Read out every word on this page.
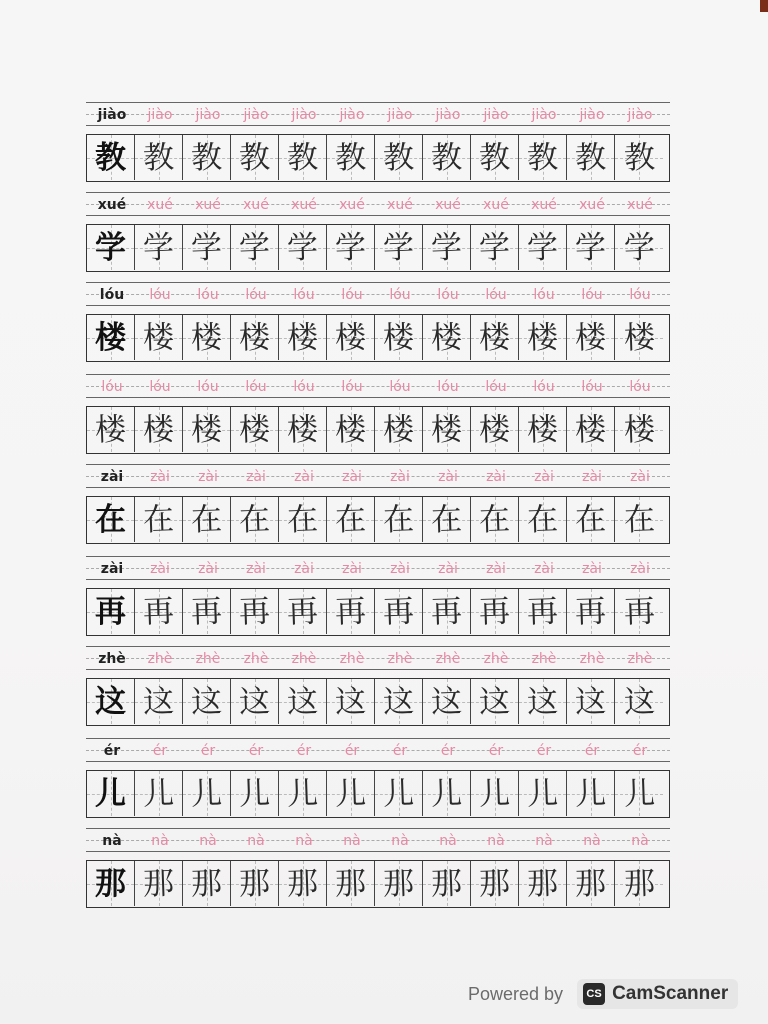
jiào	jiào	jiào	jiào	jiào	jiào	jiào	jiào	jiào	jiào	jiào	jiào
教 教 教 教 教 教 教 教 教 教 教 教
xué	xué	xué	xué	xué	xué	xué	xué	xué	xué	xué	xué
学 学 学 学 学 学 学 学 学 学 学 学
lóu	lóu	lóu	lóu	lóu	lóu	lóu	lóu	lóu	lóu	lóu	lóu
楼 楼 楼 楼 楼 楼 楼 楼 楼 楼 楼 楼
lóu	lóu	lóu	lóu	lóu	lóu	lóu	lóu	lóu	lóu	lóu	lóu
楼 楼 楼 楼 楼 楼 楼 楼 楼 楼 楼 楼
zài	zài	zài	zài	zài	zài	zài	zài	zài	zài	zài	zài
在 在 在 在 在 在 在 在 在 在 在 在
zài	zài	zài	zài	zài	zài	zài	zài	zài	zài	zài	zài
再 再 再 再 再 再 再 再 再 再 再 再
zhè	zhè	zhè	zhè	zhè	zhè	zhè	zhè	zhè	zhè	zhè	zhè
这 这 这 这 这 这 这 这 这 这 这 这
ér	ér	ér	ér	ér	ér	ér	ér	ér	ér	ér	ér
儿 儿 儿 儿 儿 儿 儿 儿 儿 儿 儿 儿
nà	nà	nà	nà	nà	nà	nà	nà	nà	nà	nà	nà
那 那 那 那 那 那 那 那 那 那 那 那
Powered by	CS CamScanner
